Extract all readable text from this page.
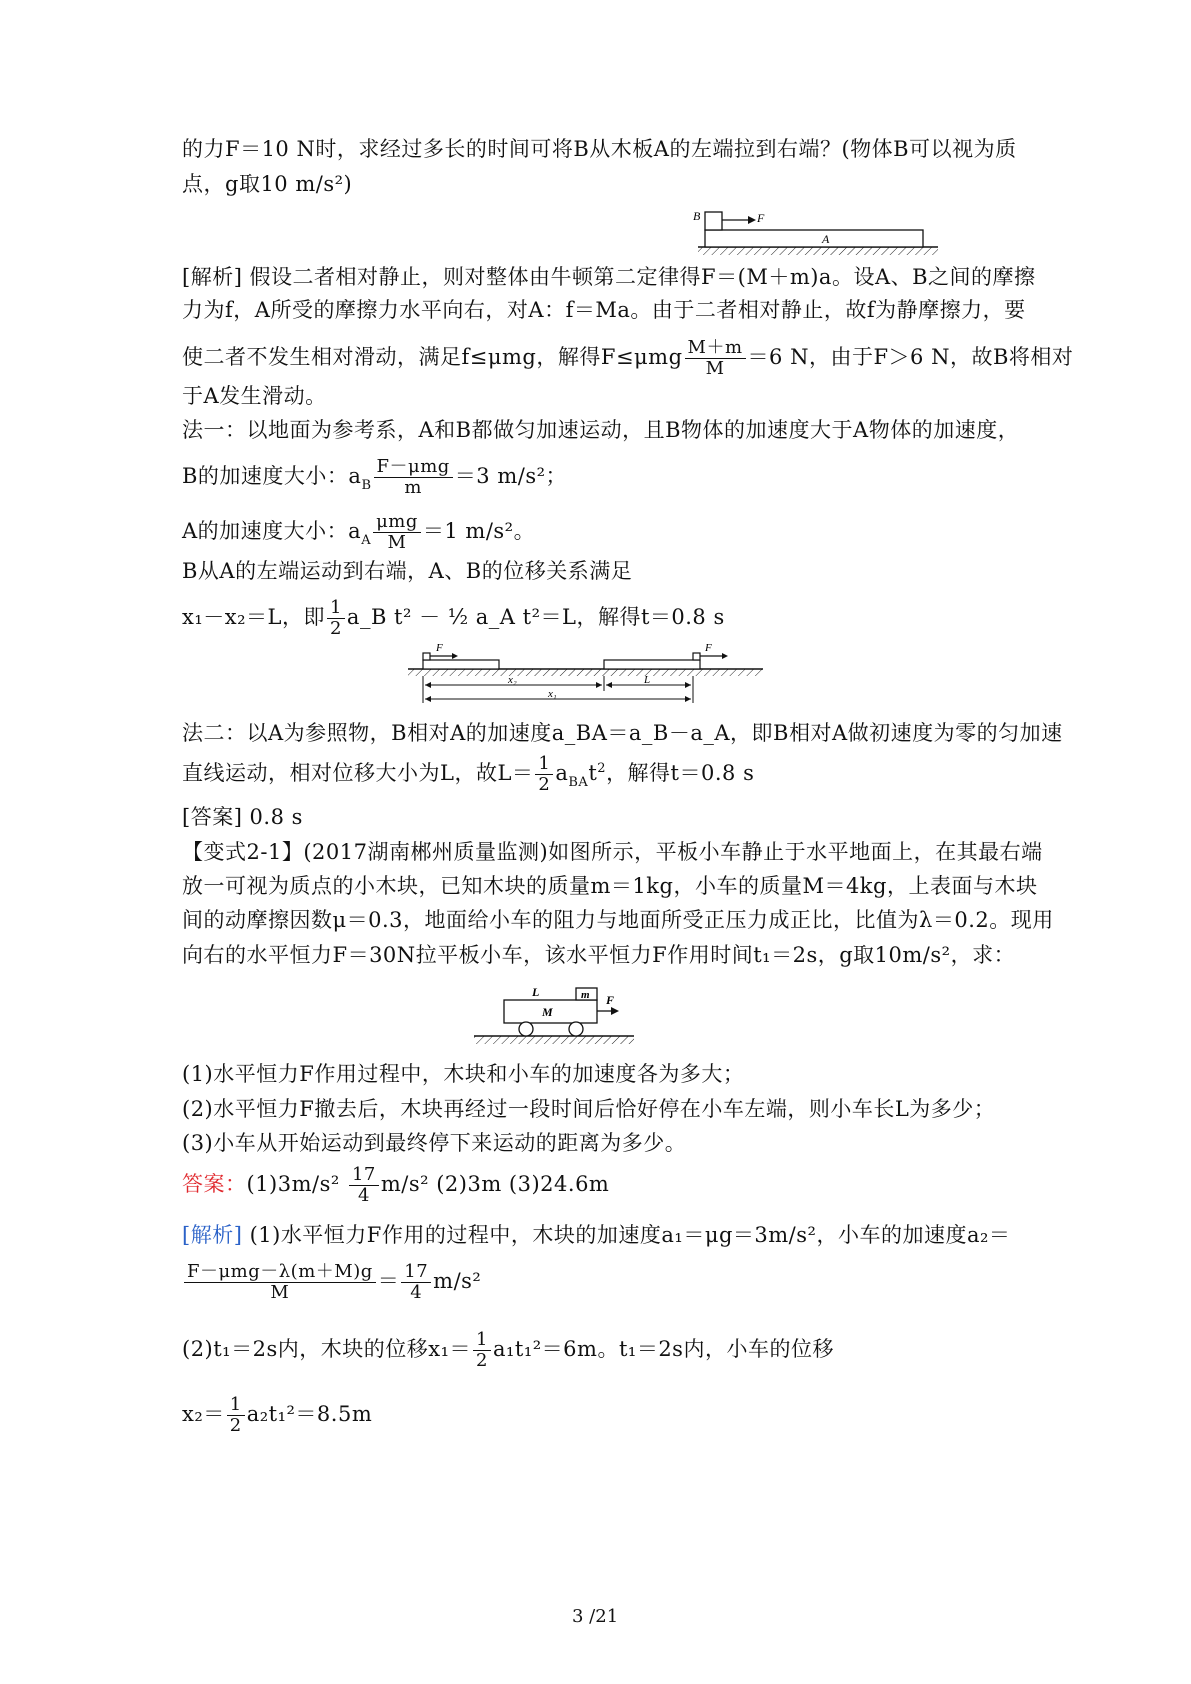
的力F＝10 N时，求经过多长的时间可将B从木板A的左端拉到右端？(物体B可以视为质
点，g取10 m/s²)
B	F
A
[解析] 假设二者相对静止，则对整体由牛顿第二定律得F＝(M＋m)a。设A、B之间的摩擦
力为f，A所受的摩擦力水平向右，对A：f＝Ma。由于二者相对静止，故f为静摩擦力，要
使二者不发生相对滑动，满足f≤μmg，解得$F\le\mu mg \frac{M+m}{M} =6$ N，由于F＞6 N，故B将相对
于A发生滑动。
法一：以地面为参考系，A和B都做匀加速运动，且B物体的加速度大于A物体的加速度，
B的加速度大小：$a_B \frac{\text{F－μmg}}{m} =3$ m/s²；
A的加速度大小：$a_A \frac{\text{μmg}}{M} =1$ m/s²。
B从A的左端运动到右端，A、B的位移关系满足
x₁－x₂＝L，即 $\frac{1}{2}$ a_B t² － ½ a_A t²＝L，解得t＝0.8 s
F	F
x₂
x₁
L
法二：以A为参照物，B相对A的加速度a_BA＝a_B－a_A，即B相对A做初速度为零的匀加速
直线运动，相对位移大小为L，故$L= \frac{1}{2} a_{BA}t^2$，解得t＝0.8 s
[答案] 0.8 s
【变式2-1】(2017湖南郴州质量监测)如图所示，平板小车静止于水平地面上，在其最右端
放一可视为质点的小木块，已知木块的质量m＝1kg，小车的质量M＝4kg，上表面与木块
间的动摩擦因数μ＝0.3，地面给小车的阻力与地面所受正压力成正比，比值为λ＝0.2。现用
向右的水平恒力F＝30N拉平板小车，该水平恒力F作用时间t₁＝2s，g取10m/s²，求：
L	m
M
F
(1)水平恒力F作用过程中，木块和小车的加速度各为多大；
(2)水平恒力F撤去后，木块再经过一段时间后恰好停在小车左端，则小车长L为多少；
(3)小车从开始运动到最终停下来运动的距离为多少。
答案：$(1)3m/s^2 \frac{17}{4} m/s^2$ (2)3m (3)24.6m
[解析] (1)水平恒力F作用的过程中，木块的加速度a₁＝μg＝3m/s²，小车的加速度a₂＝
$\frac{\text{F－μmg－λ(m＋M)g}}{M} = \frac{17}{4} m/s^2$
(2)t₁＝2s内，木块的位移$x_1= \frac{1}{2} a_1t_1^2=6m$。t₁＝2s内，小车的位移
$x_2= \frac{1}{2} a_2t_1^2=8.5m$
3 /21
